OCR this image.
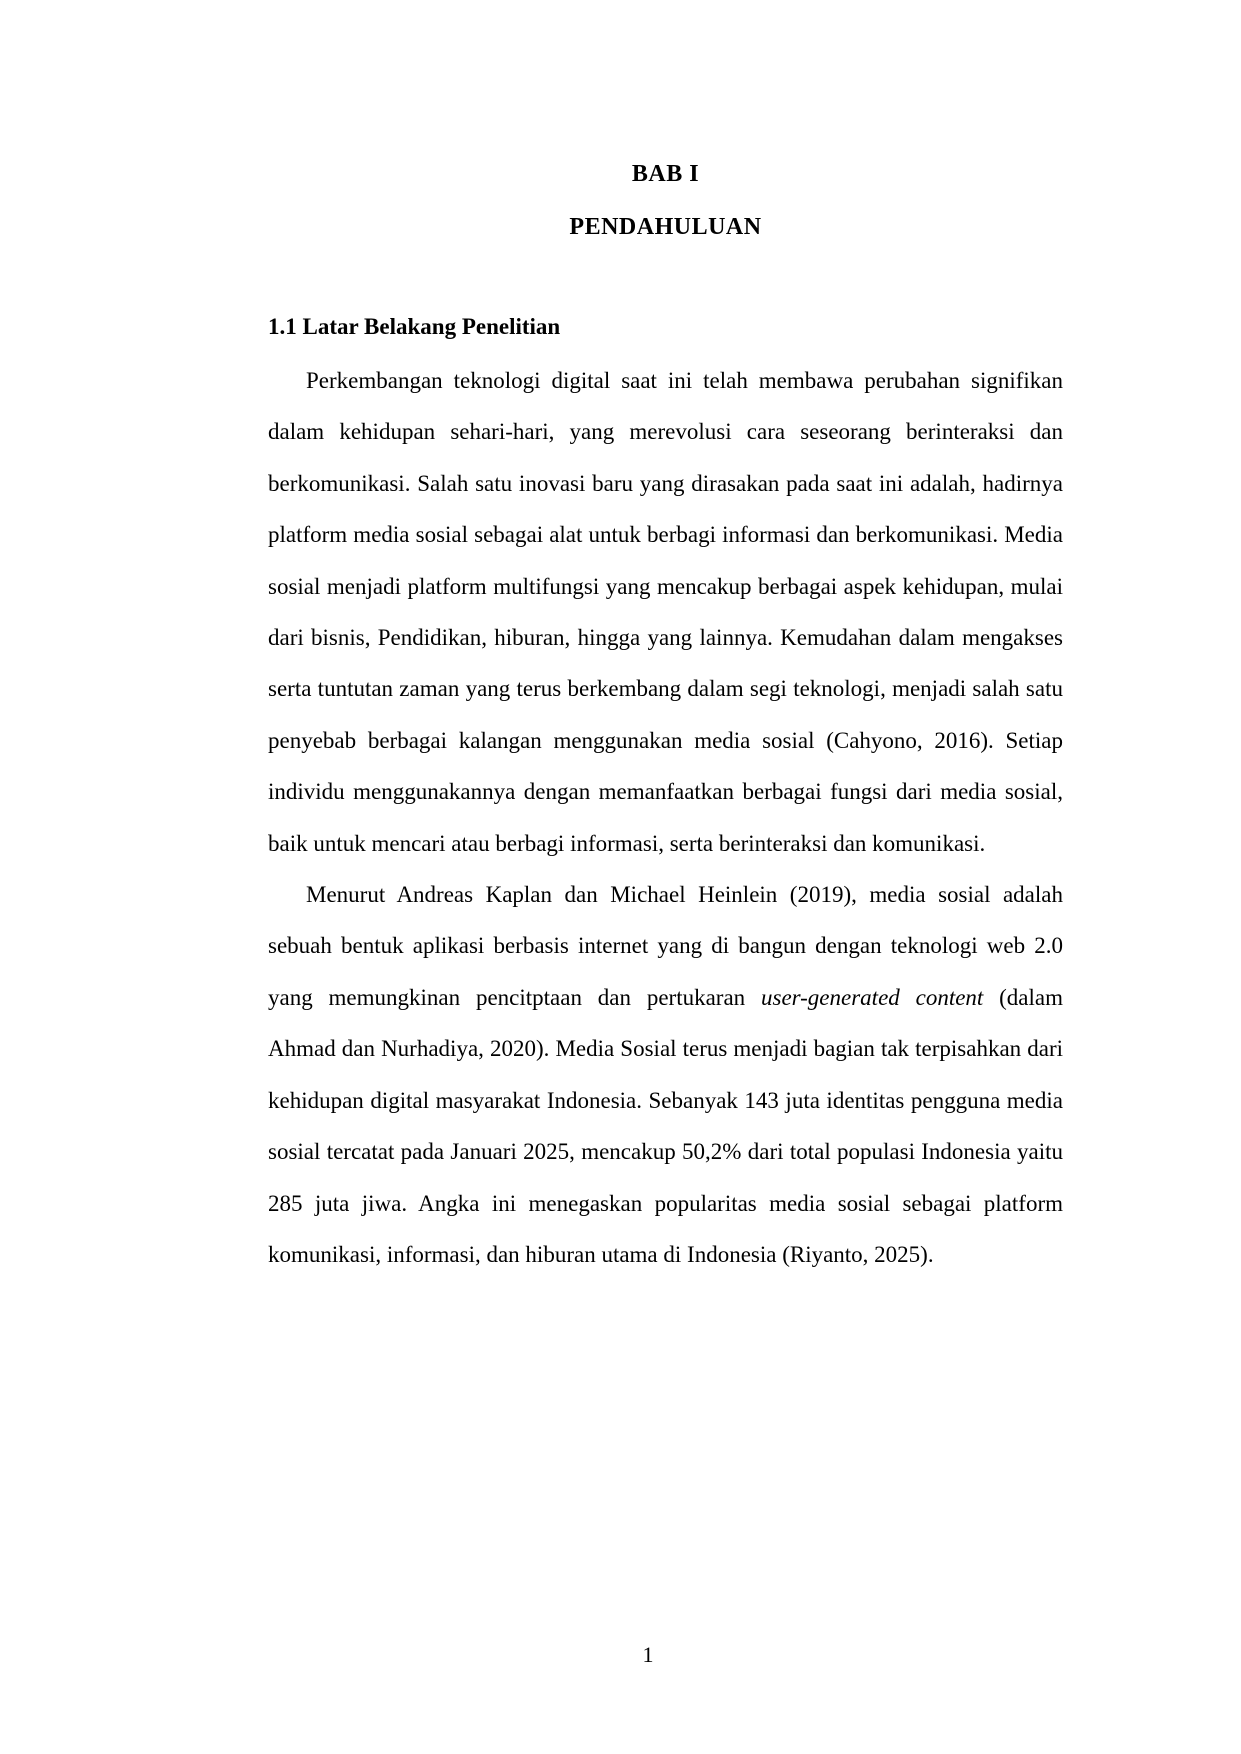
BAB I
PENDAHULUAN
1.1 Latar Belakang Penelitian

Perkembangan teknologi digital saat ini telah membawa perubahan signifikan dalam kehidupan sehari-hari, yang merevolusi cara seseorang berinteraksi dan berkomunikasi. Salah satu inovasi baru yang dirasakan pada saat ini adalah, hadirnya platform media sosial sebagai alat untuk berbagi informasi dan berkomunikasi. Media sosial menjadi platform multifungsi yang mencakup berbagai aspek kehidupan, mulai dari bisnis, Pendidikan, hiburan, hingga yang lainnya. Kemudahan dalam mengakses serta tuntutan zaman yang terus berkembang dalam segi teknologi, menjadi salah satu penyebab berbagai kalangan menggunakan media sosial (Cahyono, 2016). Setiap individu menggunakannya dengan memanfaatkan berbagai fungsi dari media sosial, baik untuk mencari atau berbagi informasi, serta berinteraksi dan komunikasi.

Menurut Andreas Kaplan dan Michael Heinlein (2019), media sosial adalah sebuah bentuk aplikasi berbasis internet yang di bangun dengan teknologi web 2.0 yang memungkinan pencitptaan dan pertukaran user-generated content (dalam Ahmad dan Nurhadiya, 2020). Media Sosial terus menjadi bagian tak terpisahkan dari kehidupan digital masyarakat Indonesia. Sebanyak 143 juta identitas pengguna media sosial tercatat pada Januari 2025, mencakup 50,2% dari total populasi Indonesia yaitu 285 juta jiwa. Angka ini menegaskan popularitas media sosial sebagai platform komunikasi, informasi, dan hiburan utama di Indonesia (Riyanto, 2025).

1
